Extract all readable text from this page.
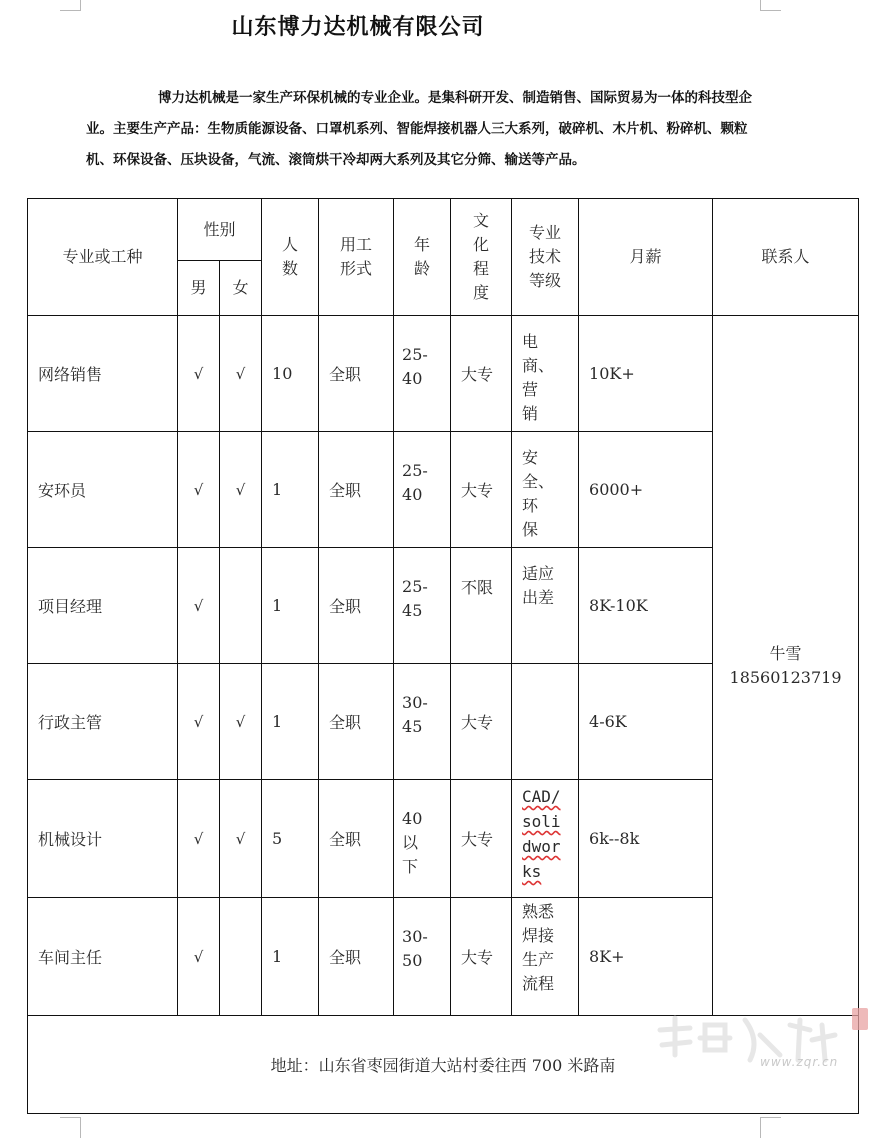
山东博力达机械有限公司
博力达机械是一家生产环保机械的专业企业。是集科研开发、制造销售、国际贸易为一体的科技型企业。主要生产产品：生物质能源设备、口罩机系列、智能焊接机器人三大系列，破碎机、木片机、粉碎机、颗粒机、环保设备、压块设备，气流、滚筒烘干冷却两大系列及其它分筛、输送等产品。
专业或工种	性别		人数	用工形式	年龄	文化程度	专业技术等级	月薪	联系人
	男	女							
网络销售	√	√	10	全职	25-40	大专	电商、营销	10K+	牛雪
18560123719

安环员	√	√	1	全职	25-40	大专	安全、环保	6000+	
项目经理	√		1	全职	25-45	不限	适应出差	8K-10K	
行政主管	√	√	1	全职	30-45	大专		4-6K	
机械设计	√	√	5	全职	40以下	大专	CAD/solidworks	6k--8k	
车间主任	√		1	全职	30-50	大专	熟悉焊接生产流程	8K+	
地址：山东省枣园街道大站村委往西 700 米路南										www.zqr.cn
